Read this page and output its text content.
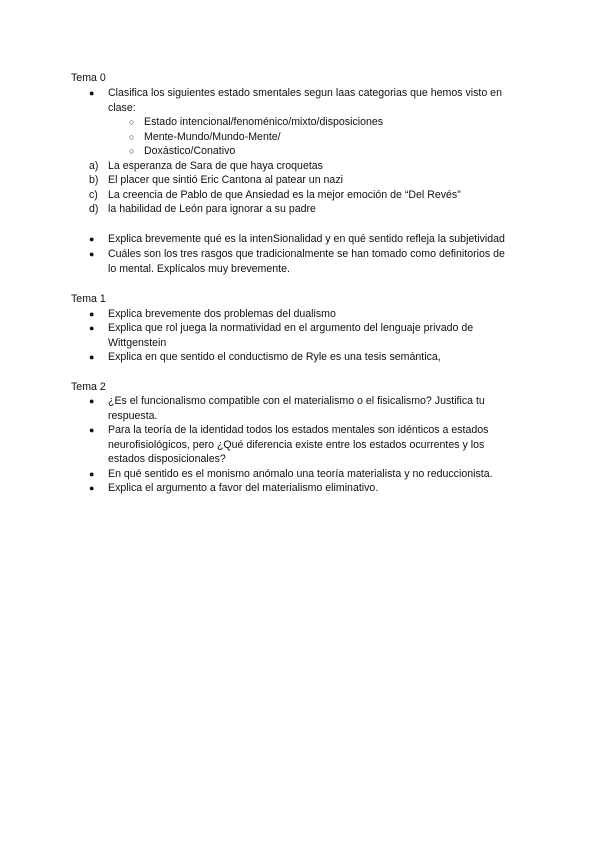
Tema 0
● Clasifica los siguientes estado smentales segun laas categorias que hemos visto en
clase:
○ Estado intencional/fenoménico/mixto/disposiciones
○ Mente-Mundo/Mundo-Mente/
○ Doxástico/Conativo
a) La esperanza de Sara de que haya croquetas
b) El placer que sintió Eric Cantona al patear un nazi
c) La creencia de Pablo de que Ansiedad es la mejor emoción de “Del Revés”
d) la habilidad de León para ignorar a su padre
● Explica brevemente qué es la intenSionalidad y en qué sentido refleja la subjetividad
● Cuáles son los tres rasgos que tradicionalmente se han tomado como definitorios de
lo mental. Explícalos muy brevemente.
Tema 1
● Explica brevemente dos problemas del dualismo
● Explica que rol juega la normatividad en el argumento del lenguaje privado de
Wittgenstein
● Explica en que sentido el conductismo de Ryle es una tesis semántica,
Tema 2
● ¿Es el funcionalismo compatible con el materialismo o el fisicalismo? Justifica tu
respuesta.
● Para la teoría de la identidad todos los estados mentales son idénticos a estados
neurofisiológicos, pero ¿Qué diferencia existe entre los estados ocurrentes y los
estados disposicionales?
● En qué sentido es el monismo anómalo una teoría materialista y no reduccionista.
● Explica el argumento a favor del materialismo eliminativo.
